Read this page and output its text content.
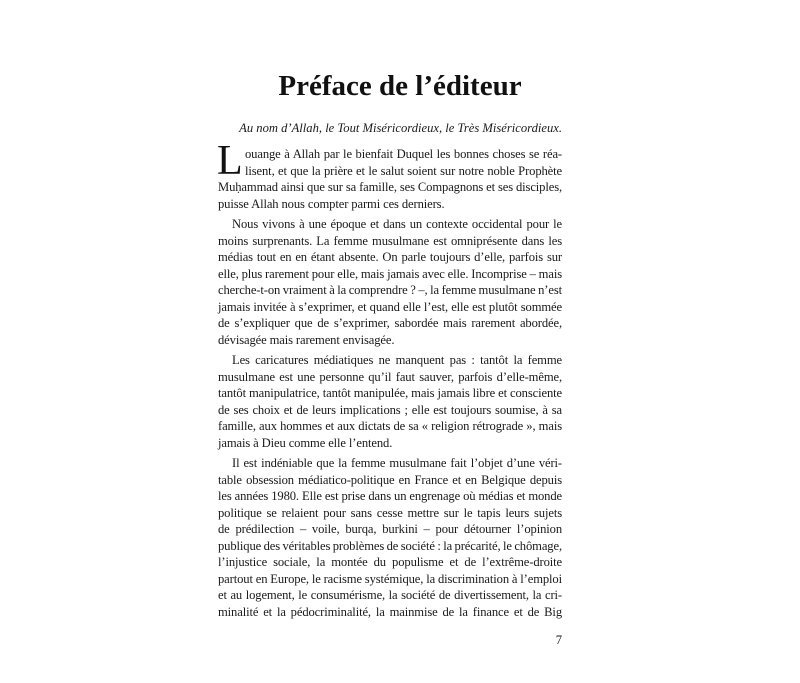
Préface de l’éditeur
Au nom d’Allah, le Tout Miséricordieux, le Très Miséricordieux.

L ouange à Allah par le bienfait Duquel les bonnes choses se réa-
lisent, et que la prière et le salut soient sur notre noble Prophète
Muḥammad ainsi que sur sa famille, ses Compagnons et ses disciples,
puisse Allah nous compter parmi ces derniers.

Nous vivons à une époque et dans un contexte occidental pour le
moins surprenants. La femme musulmane est omniprésente dans les
médias tout en en étant absente. On parle toujours d’elle, parfois sur
elle, plus rarement pour elle, mais jamais avec elle. Incomprise – mais
cherche-t-on vraiment à la comprendre ? –, la femme musulmane n’est
jamais invitée à s’exprimer, et quand elle l’est, elle est plutôt sommée
de s’expliquer que de s’exprimer, sabordée mais rarement abordée,
dévisagée mais rarement envisagée.

Les caricatures médiatiques ne manquent pas : tantôt la femme
musulmane est une personne qu’il faut sauver, parfois d’elle-même,
tantôt manipulatrice, tantôt manipulée, mais jamais libre et consciente
de ses choix et de leurs implications ; elle est toujours soumise, à sa
famille, aux hommes et aux dictats de sa « religion rétrograde », mais
jamais à Dieu comme elle l’entend.

Il est indéniable que la femme musulmane fait l’objet d’une véri-
table obsession médiatico-politique en France et en Belgique depuis
les années 1980. Elle est prise dans un engrenage où médias et monde
politique se relaient pour sans cesse mettre sur le tapis leurs sujets
de prédilection – voile, burqa, burkini – pour détourner l’opinion
publique des véritables problèmes de société : la précarité, le chômage,
l’injustice sociale, la montée du populisme et de l’extrême-droite
partout en Europe, le racisme systémique, la discrimination à l’emploi
et au logement, le consumérisme, la société de divertissement, la cri-
minalité et la pédocriminalité, la mainmise de la finance et de Big

7
